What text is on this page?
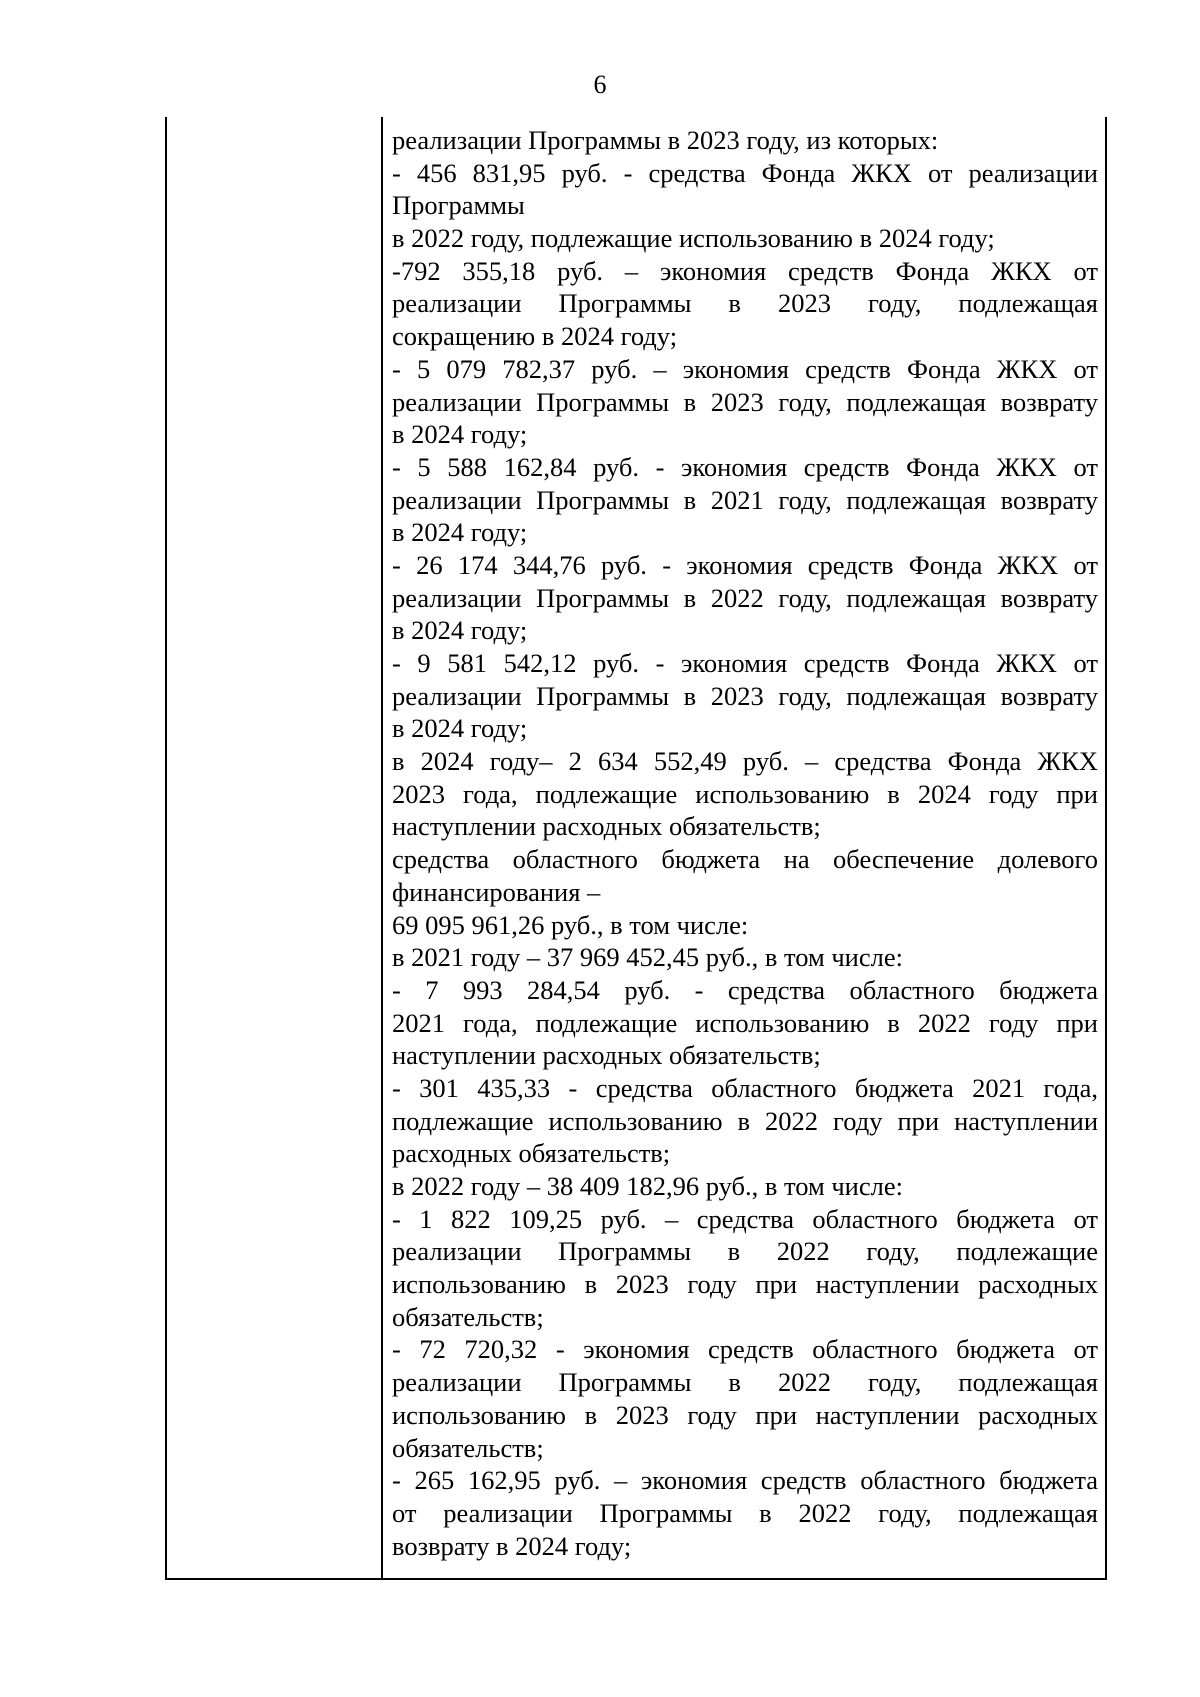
6
реализации Программы в 2023 году, из которых:
- 456 831,95 руб. - средства Фонда ЖКХ от реализации
Программы
в 2022 году, подлежащие использованию в 2024 году;
-792 355,18 руб. – экономия средств Фонда ЖКХ от
реализации Программы в 2023 году, подлежащая
сокращению в 2024 году;
- 5 079 782,37 руб. – экономия средств Фонда ЖКХ от
реализации Программы в 2023 году, подлежащая возврату
в 2024 году;
- 5 588 162,84 руб. - экономия средств Фонда ЖКХ от
реализации Программы в 2021 году, подлежащая возврату
в 2024 году;
- 26 174 344,76 руб. - экономия средств Фонда ЖКХ от
реализации Программы в 2022 году, подлежащая возврату
в 2024 году;
- 9 581 542,12 руб. - экономия средств Фонда ЖКХ от
реализации Программы в 2023 году, подлежащая возврату
в 2024 году;
в 2024 году– 2 634 552,49 руб. – средства Фонда ЖКХ
2023 года, подлежащие использованию в 2024 году при
наступлении расходных обязательств;
средства областного бюджета на обеспечение долевого
финансирования –
69 095 961,26 руб., в том числе:
в 2021 году – 37 969 452,45 руб., в том числе:
- 7 993 284,54 руб. - средства областного бюджета
2021 года, подлежащие использованию в 2022 году при
наступлении расходных обязательств;
- 301 435,33 - средства областного бюджета 2021 года,
подлежащие использованию в 2022 году при наступлении
расходных обязательств;
в 2022 году – 38 409 182,96 руб., в том числе:
- 1 822 109,25 руб. – средства областного бюджета от
реализации Программы в 2022 году, подлежащие
использованию в 2023 году при наступлении расходных
обязательств;
- 72 720,32 - экономия средств областного бюджета от
реализации Программы в 2022 году, подлежащая
использованию в 2023 году при наступлении расходных
обязательств;
- 265 162,95 руб. – экономия средств областного бюджета
от реализации Программы в 2022 году, подлежащая
возврату в 2024 году;
